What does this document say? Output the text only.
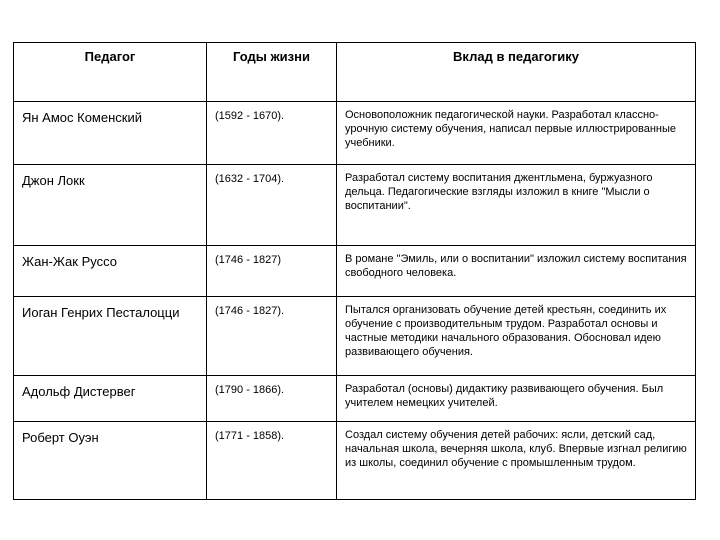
Педагог	Годы жизни	Вклад в педагогику
Ян Амос Коменский	(1592 - 1670).	Основоположник педагогической науки. Разработал классно-урочную систему обучения, написал первые иллюстрированные учебники.
Джон Локк	(1632 - 1704).	Разработал систему воспитания джентльмена, буржуазного дельца. Педагогические взгляды изложил в книге "Мысли о воспитании".
Жан-Жак Руссо	(1746 - 1827)	В романе "Эмиль, или о воспитании" изложил систему воспитания свободного человека.
Иоган Генрих Песталоцци	(1746 - 1827).	Пытался организовать обучение детей крестьян, соединить их обучение с производительным трудом. Разработал основы и частные методики начального образования. Обосновал идею развивающего обучения.
Адольф Дистервег	(1790 - 1866).	Разработал (основы) дидактику развивающего обучения. Был учителем немецких учителей.
Роберт Оуэн	(1771 - 1858).	Создал систему обучения детей рабочих: ясли, детский сад, начальная школа, вечерняя школа, клуб. Впервые изгнал религию из школы, соединил обучение с промышленным трудом.
